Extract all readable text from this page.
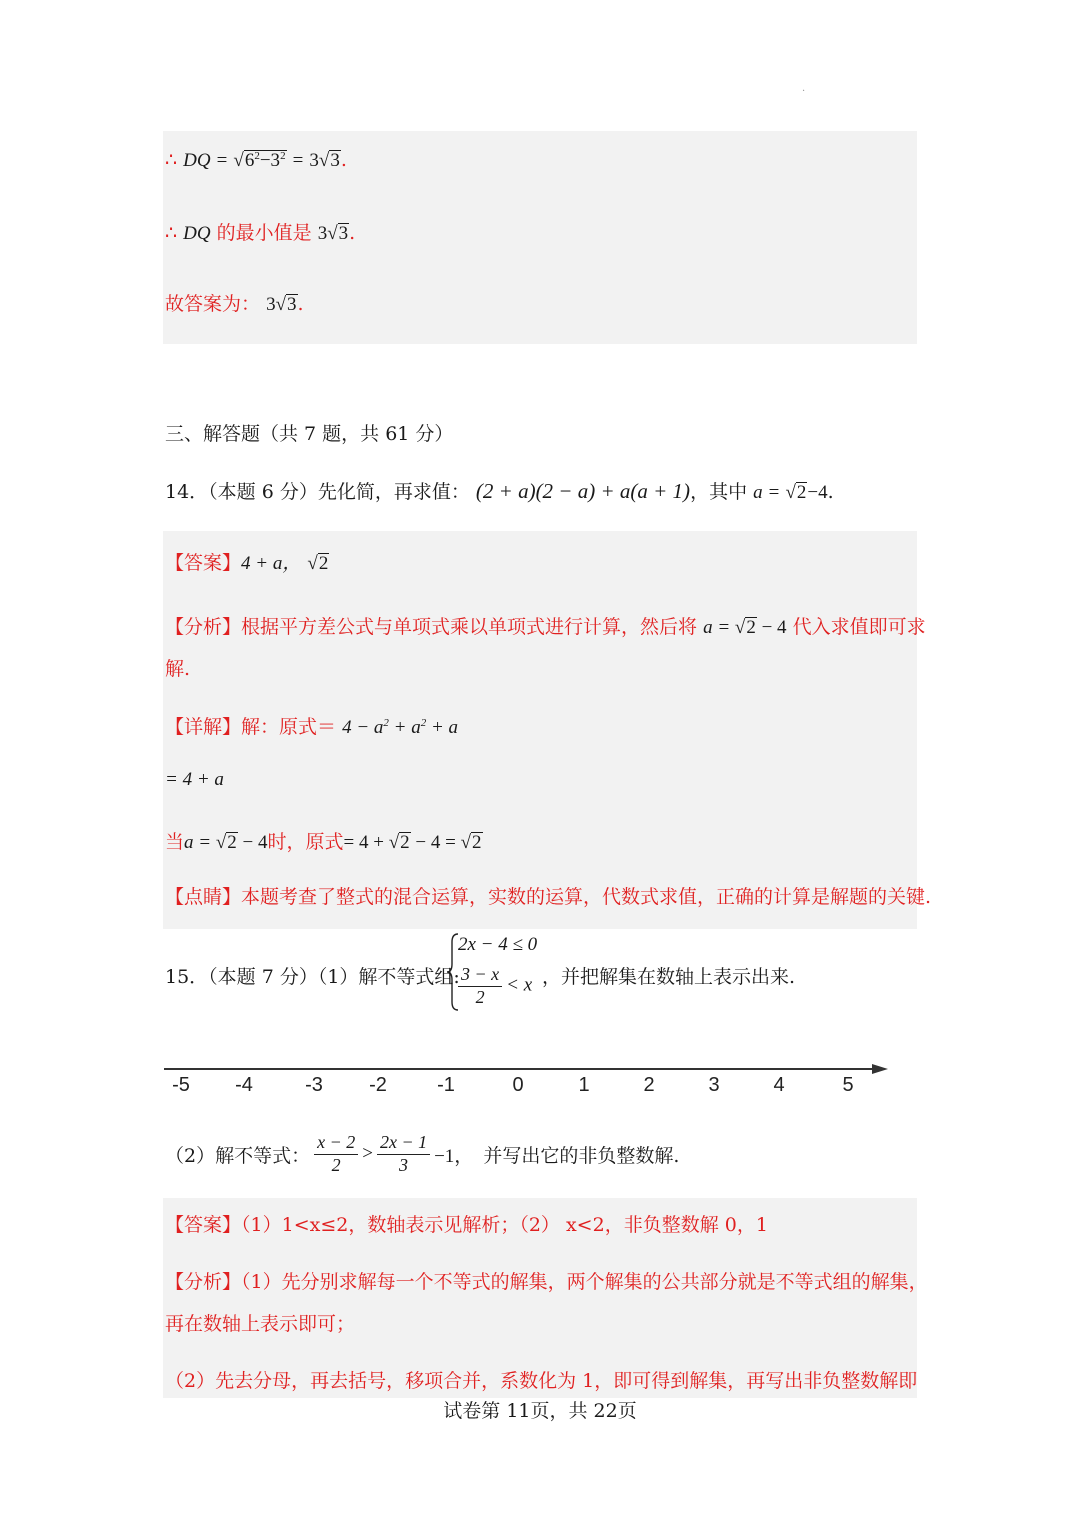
·
∴ DQ = $√6^2-3^2 = 3√3$.
∴ DQ 的最小值是 3√3.
故答案为： 3√3.
三、解答题（共 7 题，共 61 分）
14．（本题 6 分）先化简，再求值： (2 + a)(2 − a) + a(a + 1)，其中 a = √2−4.
【答案】4 + a， √2
【分析】根据平方差公式与单项式乘以单项式进行计算，然后将 a = √2 − 4 代入求值即可求
解.
【详解】解：原式＝ $4 - a^2 + a^2 + a$
= 4 + a
当a = √2 − 4时，原式= 4 + √2 − 4 = √2
【点睛】本题考查了整式的混合运算，实数的运算，代数式求值，正确的计算是解题的关键.
15．（本题 7 分）（1）解不等式组:
2x − 4 ≤ 0
$\frac{3 - x}{2} < x$ ，并把解集在数轴上表示出来.
-5 -4	-3 -2	-1	0	1	2	3	4	5
（2）解不等式： $\frac{x - 2}{2} > \frac{2x - 1}{3} -1$， 并写出它的非负整数解.
【答案】（1）1<x≤2，数轴表示见解析；（2） x<2，非负整数解 0，1
【分析】（1）先分别求解每一个不等式的解集，两个解集的公共部分就是不等式组的解集，
再在数轴上表示即可；
（2）先去分母，再去括号，移项合并，系数化为 1，即可得到解集，再写出非负整数解即
试卷第 11页，共 22页
